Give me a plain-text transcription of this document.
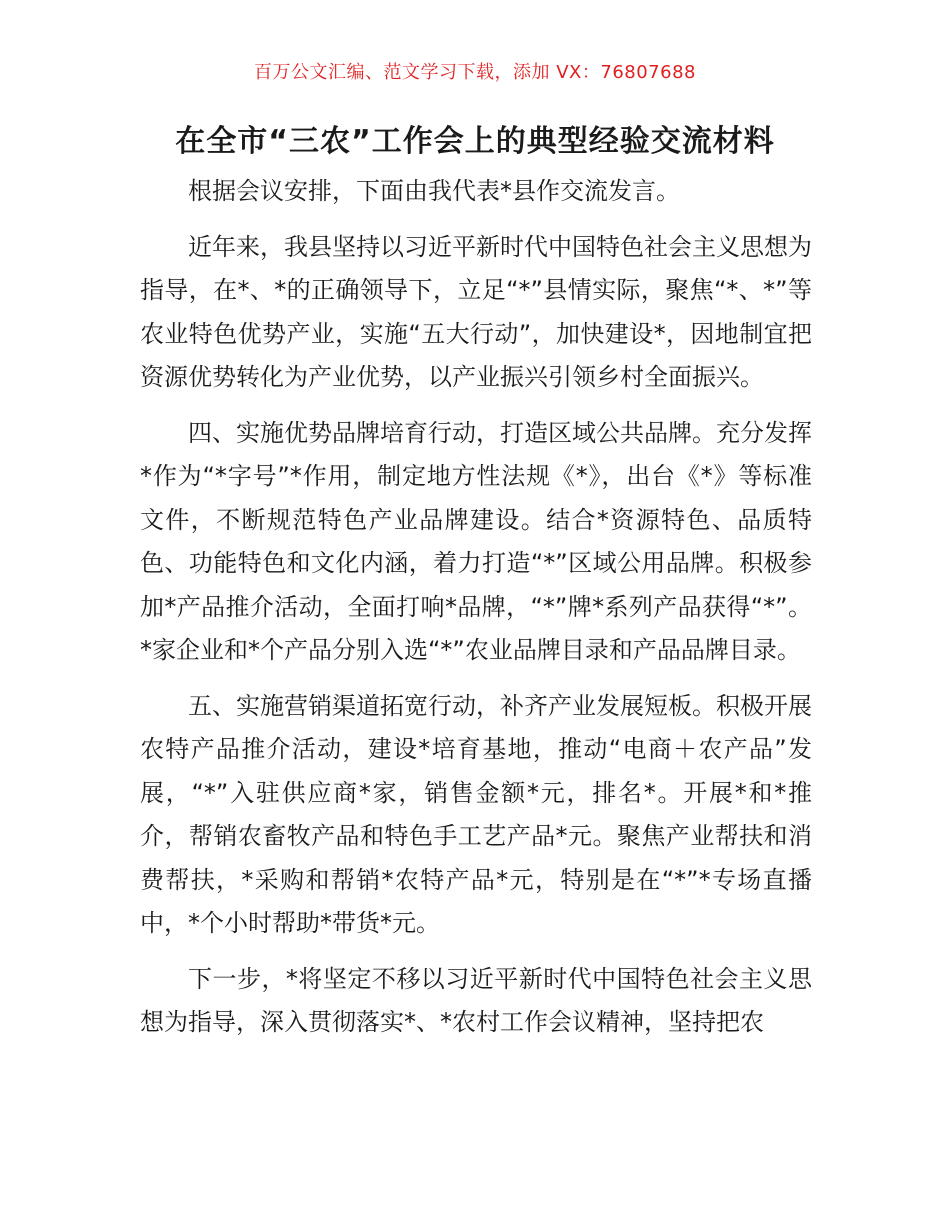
百万公文汇编、范文学习下载，添加 VX：76807688
在全市“三农”工作会上的典型经验交流材料

根据会议安排，下面由我代表*县作交流发言。

近年来，我县坚持以习近平新时代中国特色社会主义思想为指导，在*、*的正确领导下，立足“*”县情实际，聚焦“*、*”等农业特色优势产业，实施“五大行动”，加快建设*，因地制宜把资源优势转化为产业优势，以产业振兴引领乡村全面振兴。

四、实施优势品牌培育行动，打造区域公共品牌。充分发挥*作为“*字号”*作用，制定地方性法规《*》，出台《*》等标准文件，不断规范特色产业品牌建设。结合*资源特色、品质特色、功能特色和文化内涵，着力打造“*”区域公用品牌。积极参加*产品推介活动，全面打响*品牌，“*”牌*系列产品获得“*”。*家企业和*个产品分别入选“*”农业品牌目录和产品品牌目录。

五、实施营销渠道拓宽行动，补齐产业发展短板。积极开展农特产品推介活动，建设*培育基地，推动“电商＋农产品”发展，“*”入驻供应商*家，销售金额*元，排名*。开展*和*推介，帮销农畜牧产品和特色手工艺产品*元。聚焦产业帮扶和消费帮扶，*采购和帮销*农特产品*元，特别是在“*”*专场直播中，*个小时帮助*带货*元。

下一步，*将坚定不移以习近平新时代中国特色社会主义思想为指导，深入贯彻落实*、*农村工作会议精神，坚持把农
